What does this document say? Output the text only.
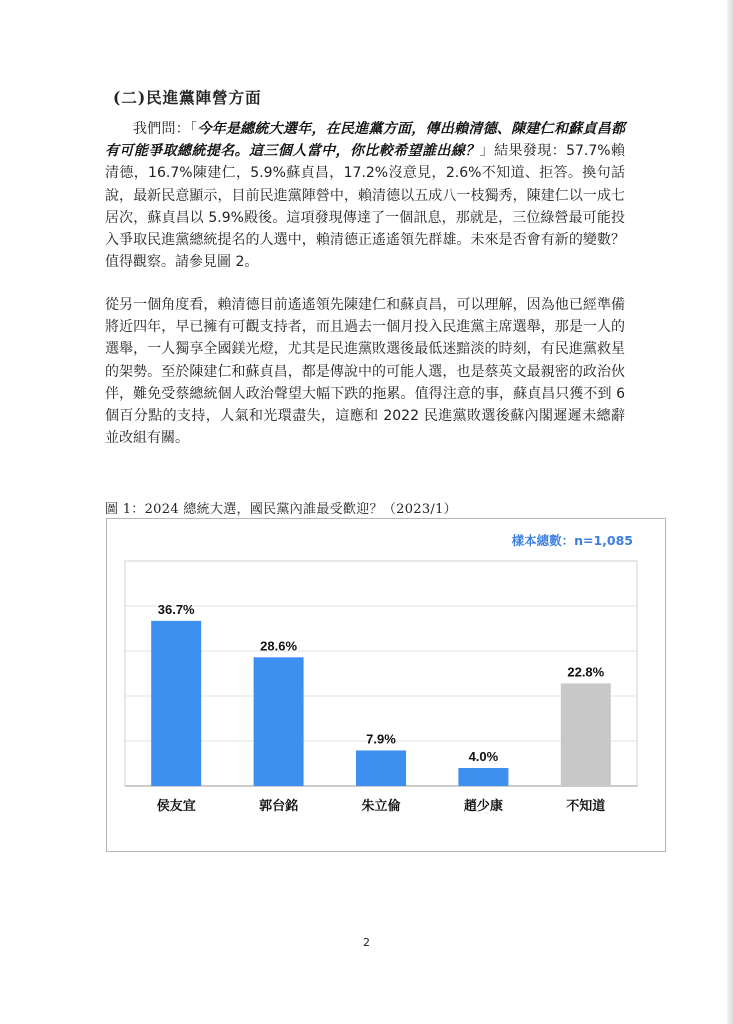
(二)民進黨陣營方面
我們問：「今年是總統大選年，在民進黨方面，傳出賴清德、陳建仁和蘇貞昌都有可能爭取總統提名。這三個人當中，你比較希望誰出線？」結果發現：57.7%賴清德，16.7%陳建仁，5.9%蘇貞昌，17.2%沒意見，2.6%不知道、拒答。換句話說，最新民意顯示，目前民進黨陣營中，賴清德以五成八一枝獨秀，陳建仁以一成七居次，蘇貞昌以 5.9%殿後。這項發現傳達了一個訊息，那就是，三位綠營最可能投入爭取民進黨總統提名的人選中，賴清德正遙遙領先群雄。未來是否會有新的變數？值得觀察。請參見圖 2。
從另一個角度看，賴清德目前遙遙領先陳建仁和蘇貞昌，可以理解，因為他已經準備將近四年，早已擁有可觀支持者，而且過去一個月投入民進黨主席選舉，那是一人的選舉，一人獨享全國鎂光燈，尤其是民進黨敗選後最低迷黯淡的時刻，有民進黨救星的架勢。至於陳建仁和蘇貞昌，都是傳說中的可能人選，也是蔡英文最親密的政治伙伴，難免受蔡總統個人政治聲望大幅下跌的拖累。值得注意的事，蘇貞昌只獲不到 6 個百分點的支持，人氣和光環盡失，這應和 2022 民進黨敗選後蘇內閣遲遲未總辭並改組有關。
圖 1：2024 總統大選，國民黨內誰最受歡迎？（2023/1）
樣本總數：n=1,085
36.7%
侯友宜
28.6%
郭台銘
7.9%
朱立倫
4.0%
趙少康
22.8%
不知道
2
